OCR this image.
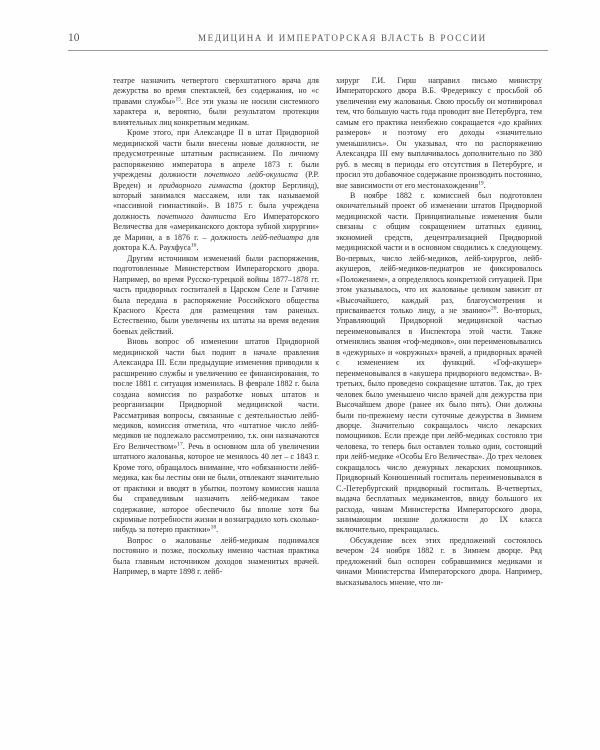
10	МЕДИЦИНА И ИМПЕРАТОРСКАЯ ВЛАСТЬ В РОССИИ

театре назначить четвертого сверхштатного врача для дежурства во время спектаклей, без содержания, но «с правами службы»$^{15}$. Все эти указы не носили системного характера и, вероятно, были результатом протекции влиятельных лиц конкретным медикам.

Кроме этого, при Александре II в штат Придворной медицинской части были внесены новые должности, не предусмотренные штатным расписанием. По личному распоряжению императора в апреле 1873 г. были учреждены должности почетного лейб-окулиста (Р.Р. Вреден) и придворного гимнаста (доктор Берглинд), который занимался массажем, или так называемой «пассивной гимнастикой». В 1875 г. была учреждена должность почетного дантиста Его Императорского Величества для «американского доктора зубной хирургии» де Марини, а в 1876 г. – должность лейб-педиатра для доктора К.А. Раухфуса$^{16}$.

Другим источником изменений были распоряжения, подготовленные Министерством Императорского двора. Например, во время Русско-турецкой войны 1877–1878 гг. часть придворных госпиталей в Царском Селе и Гатчине была передана в распоряжение Российского общества Красного Креста для размещения там раненых. Естественно, были увеличены их штаты на время ведения боевых действий.

Вновь вопрос об изменении штатов Придворной медицинской части был поднят в начале правления Александра III. Если предыдущие изменения приводили к расширению службы и увеличению ее финансирования, то после 1881 г. ситуация изменилась. В феврале 1882 г. была создана комиссия по разработке новых штатов и реорганизации Придворной медицинской части. Рассматривая вопросы, связанные с деятельностью лейб-медиков, комиссия отметила, что «штатное число лейб-медиков не подлежало рассмотрению, т.к. они назначаются Его Величеством»$^{17}$. Речь в основном шла об увеличении штатного жалованья, которое не менялось 40 лет – с 1843 г. Кроме того, обращалось внимание, что «обязанности лейб-медика, как бы лестны они не были, отвлекают значительно от практики и вводят в убытки, поэтому комиссия нашла бы справедливым назначить лейб-медикам такое содержание, которое обеспечило бы вполне хотя бы скромные потребности жизни и вознаградило хоть сколько-нибудь за потерю практики»$^{18}$.

Вопрос о жалованье лейб-медикам поднимался постоянно и позже, поскольку именно частная практика была главным источником доходов знаменитых врачей. Например, в марте 1898 г. лейб-

хирург Г.И. Гирш направил письмо министру Императорского двора В.Б. Фредериксу с просьбой об увеличении ему жалованья. Свою просьбу он мотивировал тем, что бо́льшую часть года проводит вне Петербурга, тем самым его практика неизбежно сокращается «до крайних размеров» и поэтому его доходы «значительно уменьшились». Он указывал, что по распоряжению Александра III ему выплачивалось дополнительно по 380 руб. в месяц в периоды его отсутствия в Петербурге, и просил это добавочное содержание производить постоянно, вне зависимости от его местонахождения$^{19}$.

В ноябре 1882 г. комиссией был подготовлен окончательный проект об изменении штатов Придворной медицинской части. Принципиальные изменения были связаны с общим сокращением штатных единиц, экономией средств, децентрализацией Придворной медицинской части и в основном сводились к следующему. Во-первых, число лейб-медиков, лейб-хирургов, лейб-акушеров, лейб-медиков-педиатров не фиксировалось «Положением», а определялось конкретной ситуацией. При этом указывалось, что их жалованье целиком зависит от «Высочайшего, каждый раз, благоусмотрения и присваивается только лицу, а не званию»$^{20}$. Во-вторых, Управляющий Придворной медицинской частью переименовывался в Инспектора этой части. Также отменялись звания «гоф-медиков», они переименовывались в «дежурных» и «окружных» врачей, а придворных врачей с изменением их функций. «Гоф-акушер» переименовывался в «акушера придворного ведомства». В-третьих, было проведено сокращение штатов. Так, до трех человек было уменьшено число врачей для дежурства при Высочайшем дворе (ранее их было пять). Они должны были по-прежнему нести суточные дежурства в Зимнем дворце. Значительно сокращалось число лекарских помощников. Если прежде при лейб-медиках состояло три человека, то теперь был оставлен только один, состоящий при лейб-медике «Особы Его Величества». До трех человек сокращалось число дежурных лекарских помощников. Придворный Конюшенный госпиталь переименовывался в С.-Петербургский придворный госпиталь. В-четвертых, выдача бесплатных медикаментов, ввиду большого их расхода, чинам Министерства Императорского двора, занимающим низшие должности до IX класса включительно, прекращалась.

Обсуждение всех этих предложений состоялось вечером 24 ноября 1882 г. в Зимнем дворце. Ряд предложений был оспорен собравшимися медиками и чинами Министерства Императорского двора. Например, высказывалось мнение, что ли-
